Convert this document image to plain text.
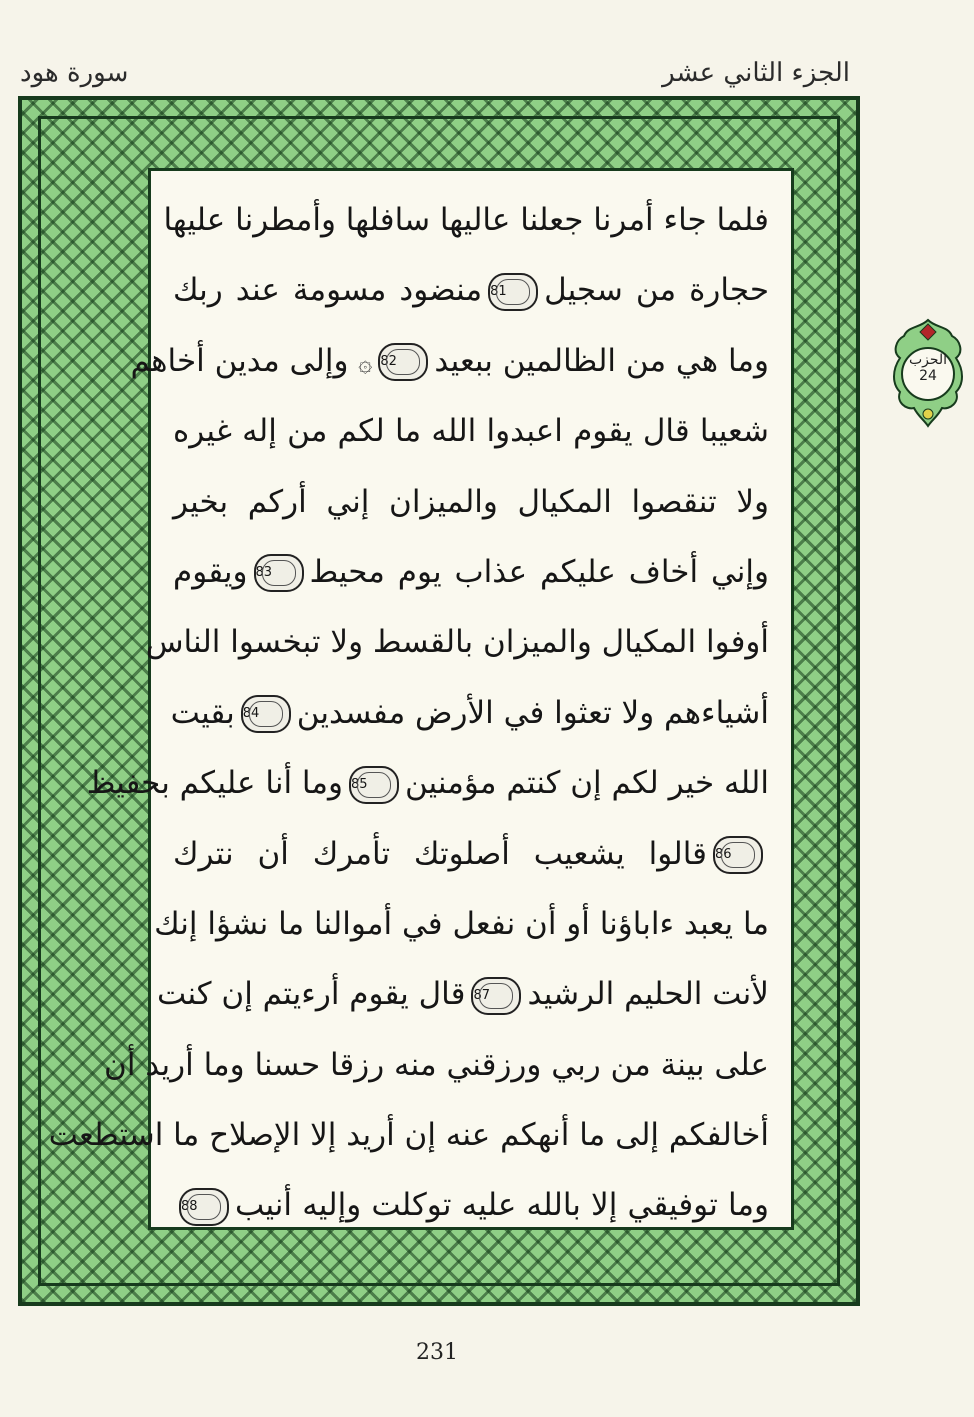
سورة هود	الجزء الثاني عشر
فلما جاء أمرنا جعلنا عاليها سافلها وأمطرنا عليها
حجارة من سجيل81منضود مسومة عند ربك
وما هي من الظالمين ببعيد82۞ وإلى مدين أخاهم
شعيبا قال يقوم اعبدوا الله ما لكم من إله غيره
ولا تنقصوا المكيال والميزان إني أركم بخير
وإني أخاف عليكم عذاب يوم محيط83ويقوم
أوفوا المكيال والميزان بالقسط ولا تبخسوا الناس
أشياءهم ولا تعثوا في الأرض مفسدين84بقيت
الله خير لكم إن كنتم مؤمنين85وما أنا عليكم بحفيظ
86قالوا يشعيب أصلوتك تأمرك أن نترك
ما يعبد ءاباؤنا أو أن نفعل في أموالنا ما نشؤا إنك
لأنت الحليم الرشيد87قال يقوم أرءيتم إن كنت
على بينة من ربي ورزقني منه رزقا حسنا وما أريد أن
أخالفكم إلى ما أنهكم عنه إن أريد إلا الإصلاح ما استطعت
وما توفيقي إلا بالله عليه توكلت وإليه أنيب88
الحزب
24
231
